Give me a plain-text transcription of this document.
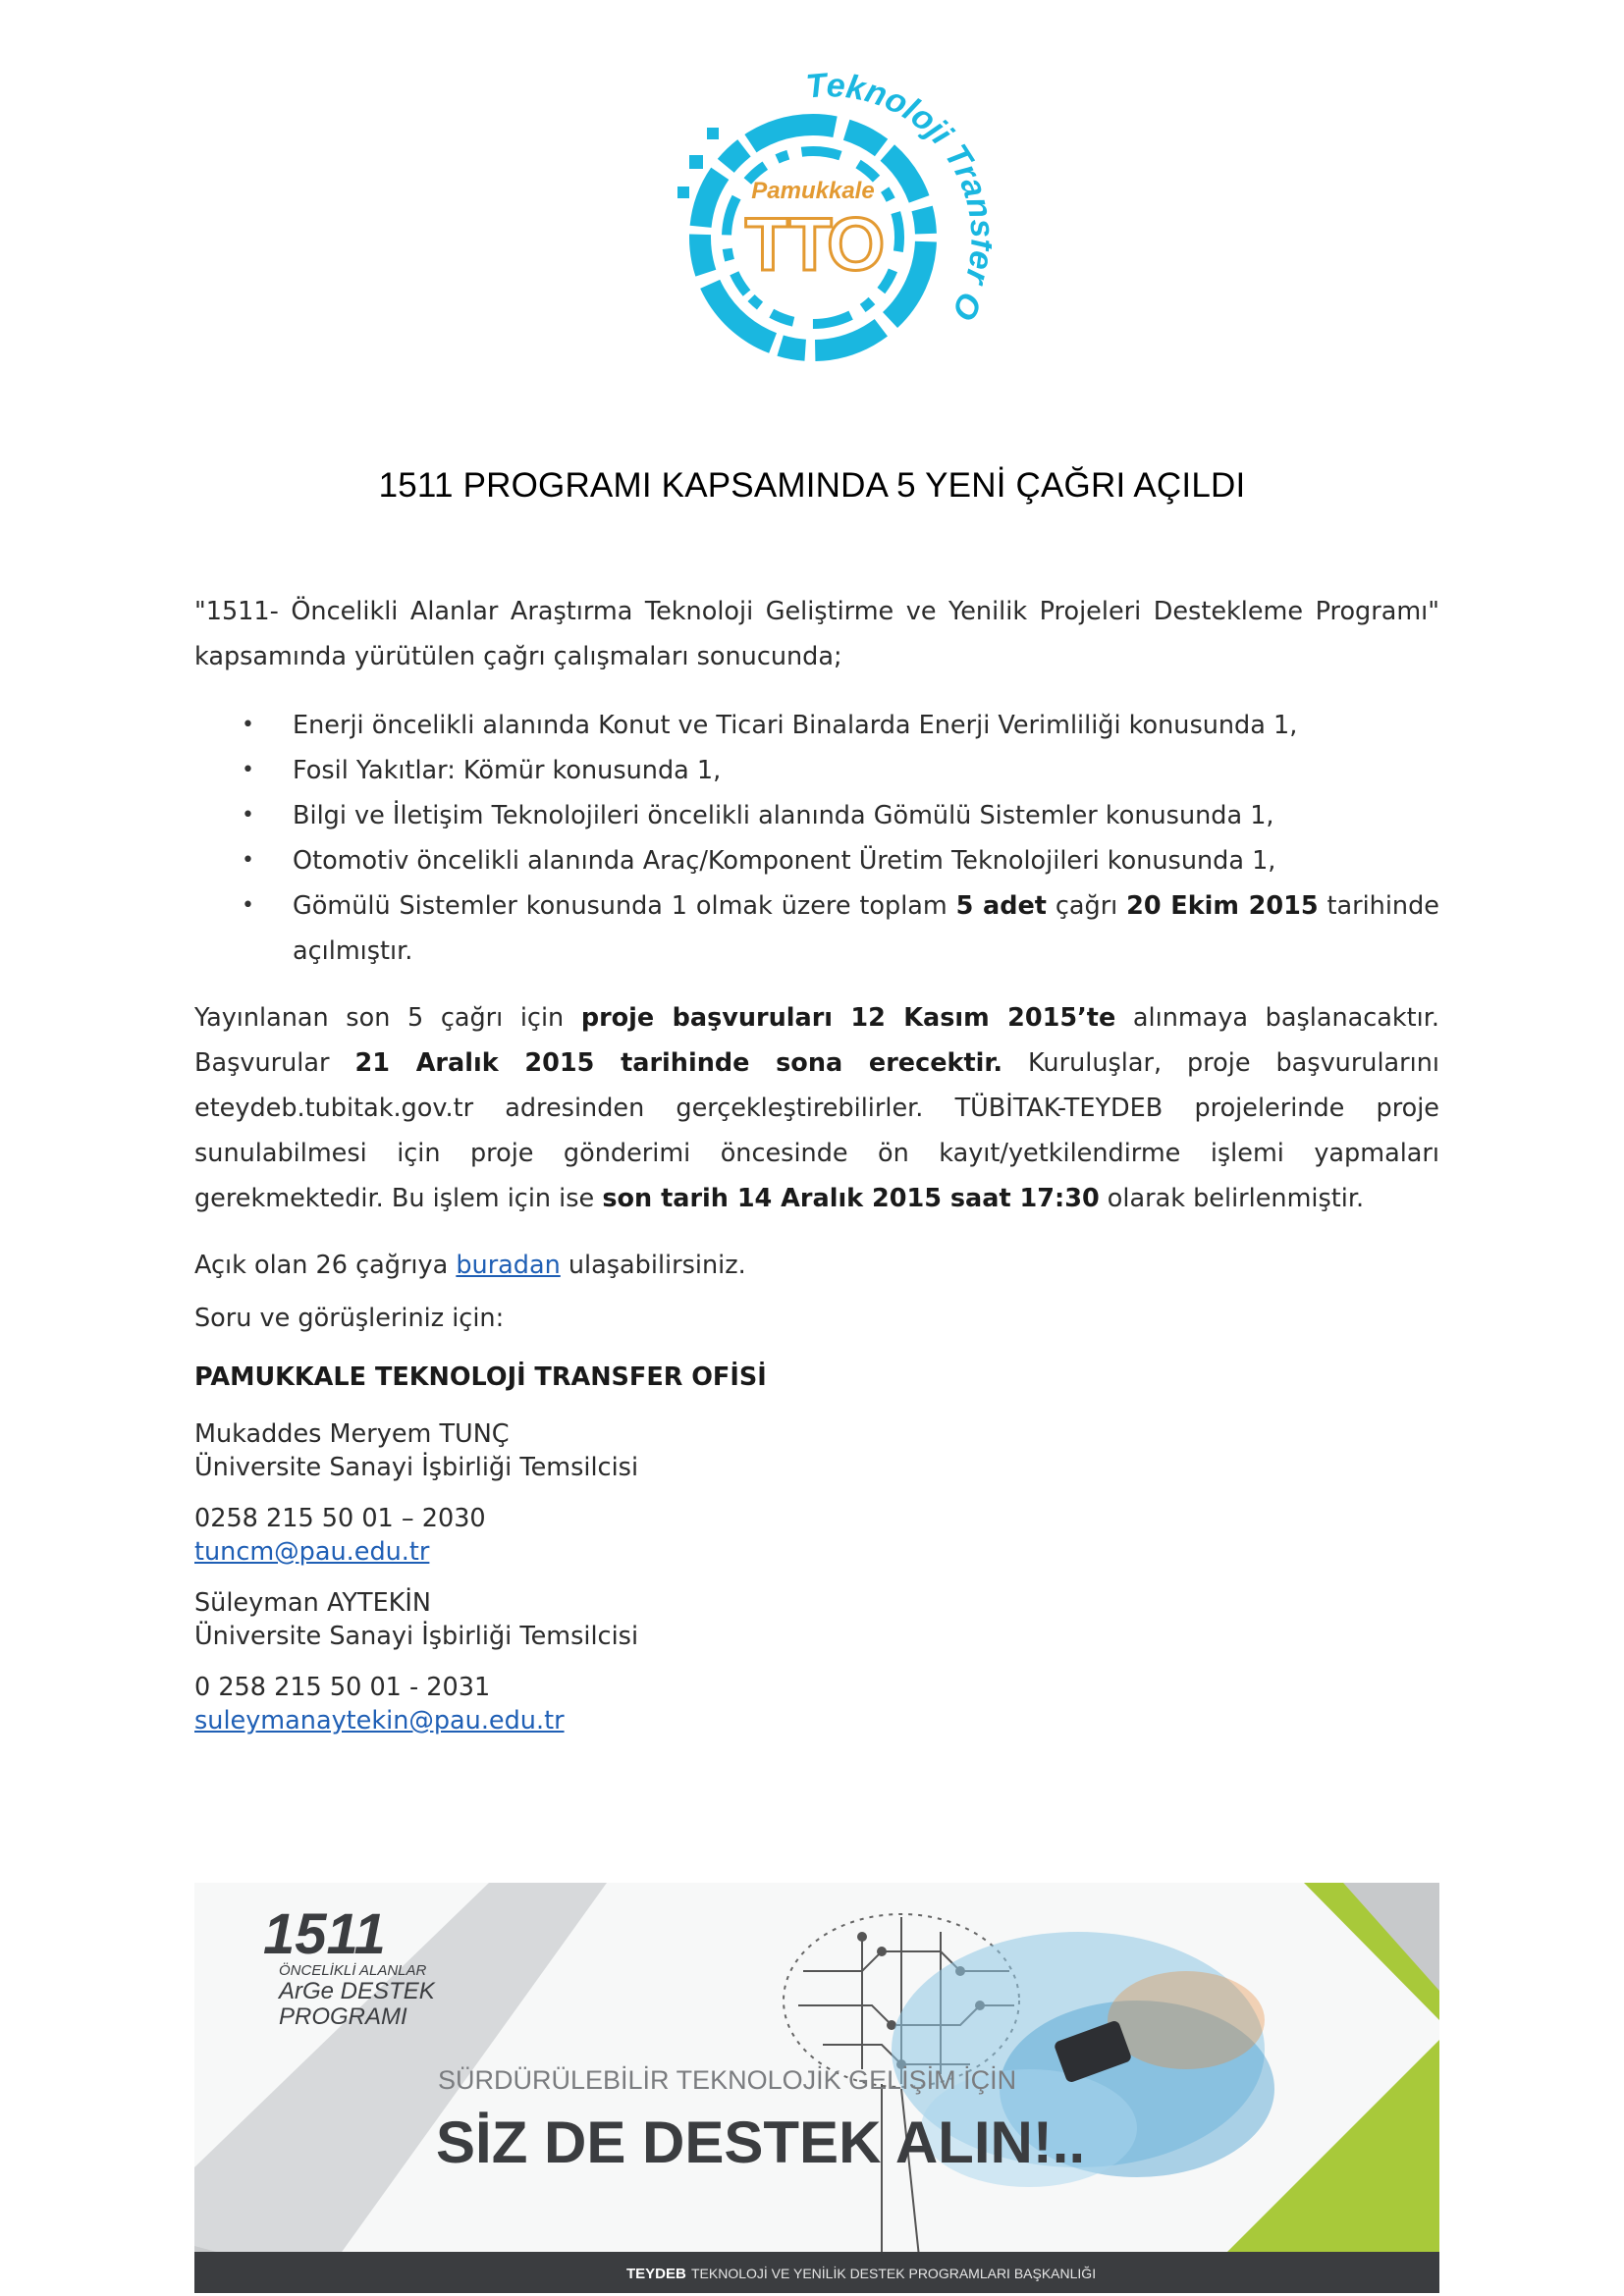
Pamukkale
TTO
Teknoloji Tra O
1511 PROGRAMI KAPSAMINDA 5 YENİ ÇAĞRI AÇILDI

"1511- Öncelikli Alanlar Araştırma Teknoloji Geliştirme ve Yenilik Projeleri Destekleme Programı" kapsamında yürütülen çağrı çalışmaları sonucunda;

• Enerji öncelikli alanında Konut ve Ticari Binalarda Enerji Verimliliği konusunda 1,
• Fosil Yakıtlar: Kömür konusunda 1,
• Bilgi ve İletişim Teknolojileri öncelikli alanında Gömülü Sistemler konusunda 1,
• Otomotiv öncelikli alanında Araç/Komponent Üretim Teknolojileri konusunda 1,
• Gömülü Sistemler konusunda 1 olmak üzere toplam 5 adet çağrı 20 Ekim 2015 tarihinde açılmıştır.

Yayınlanan son 5 çağrı için proje başvuruları 12 Kasım 2015’te alınmaya başlanacaktır. Başvurular 21 Aralık 2015 tarihinde sona erecektir. Kuruluşlar, proje başvurularını eteydeb.tubitak.gov.tr adresinden gerçekleştirebilirler. TÜBİTAK-TEYDEB projelerinde proje sunulabilmesi için proje gönderimi öncesinde ön kayıt/yetkilendirme işlemi yapmaları gerekmektedir. Bu işlem için ise son tarih 14 Aralık 2015 saat 17:30 olarak belirlenmiştir.

Açık olan 26 çağrıya buradan ulaşabilirsiniz.

Soru ve görüşleriniz için:

PAMUKKALE TEKNOLOJİ TRANSFER OFİSİ

Mukaddes Meryem TUNÇ
Üniversite Sanayi İşbirliği Temsilcisi

0258 215 50 01 – 2030
tuncm@pau.edu.tr

Süleyman AYTEKİN
Üniversite Sanayi İşbirliği Temsilcisi

0 258 215 50 01 - 2031
suleymanaytekin@pau.edu.tr

1511
ÖNCELİKLİ ALANLAR
ArGe DESTEK
PROGRAMI
SÜRDÜRÜLEBİLİR TEKNOLOJİK GELİŞİM İÇİN
SİZ DE DESTEK ALIN!..
TEYDEB TEKNOLOJİ VE YENİLİK DESTEK PROGRAMLARI BAŞKANLIĞI
